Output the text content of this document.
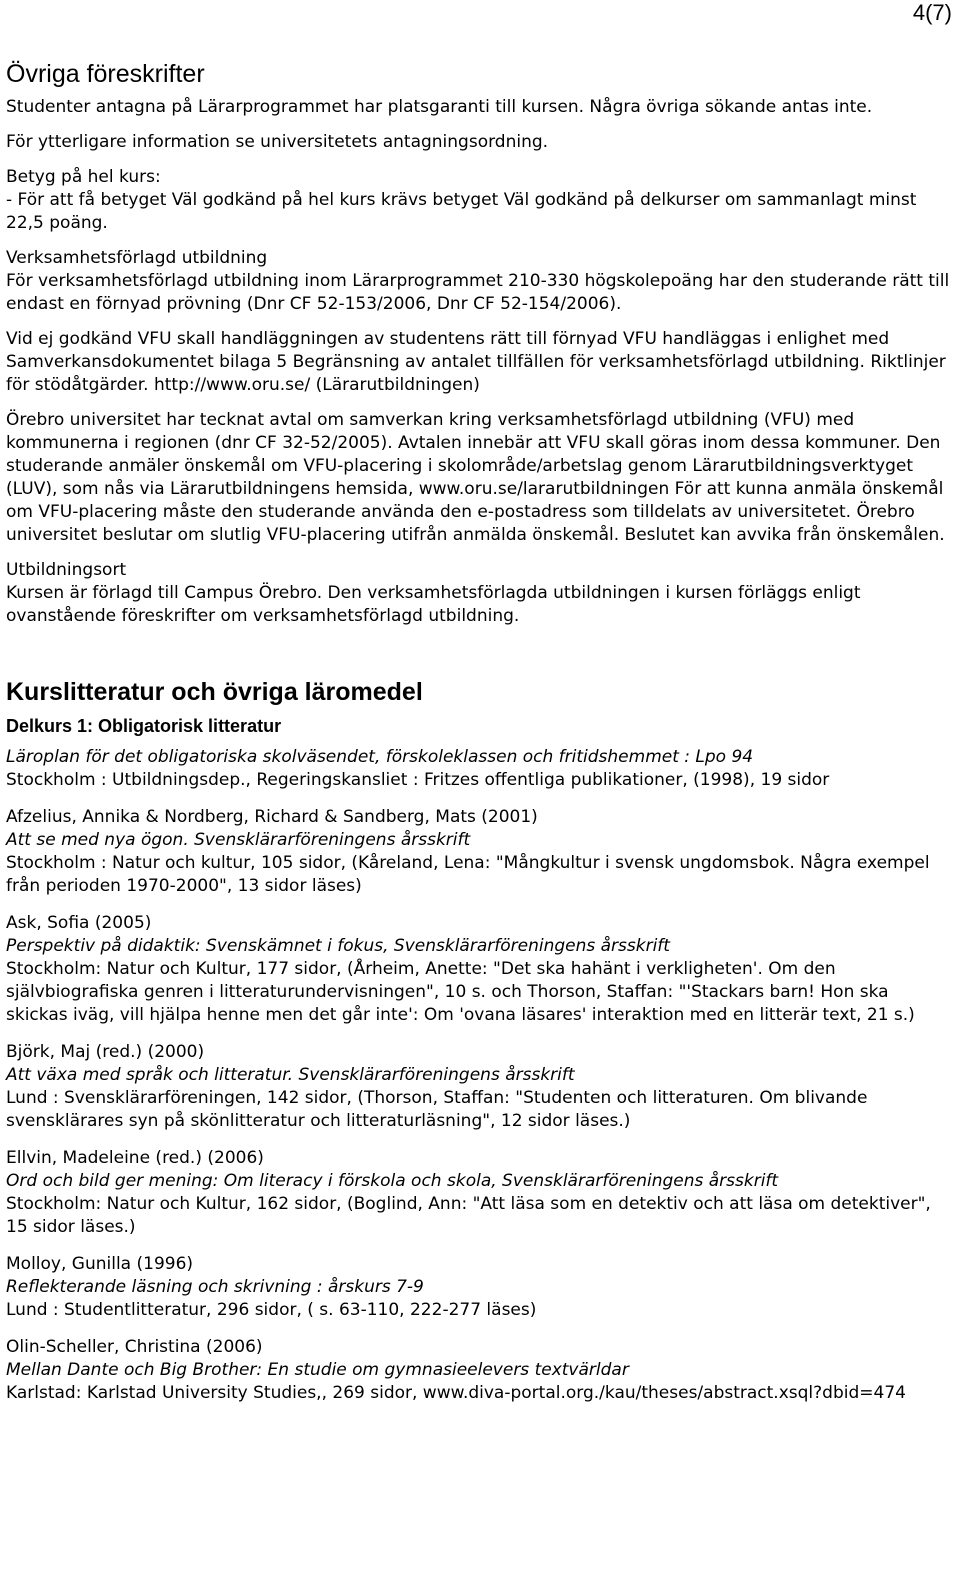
4(7)
Övriga föreskrifter

Studenter antagna på Lärarprogrammet har platsgaranti till kursen. Några övriga sökande antas inte.

För ytterligare information se universitetets antagningsordning.

Betyg på hel kurs:
- För att få betyget Väl godkänd på hel kurs krävs betyget Väl godkänd på delkurser om sammanlagt minst 22,5 poäng.

Verksamhetsförlagd utbildning
För verksamhetsförlagd utbildning inom Lärarprogrammet 210-330 högskolepoäng har den studerande rätt till endast en förnyad prövning (Dnr CF 52-153/2006, Dnr CF 52-154/2006).

Vid ej godkänd VFU skall handläggningen av studentens rätt till förnyad VFU handläggas i enlighet med Samverkansdokumentet bilaga 5 Begränsning av antalet tillfällen för verksamhetsförlagd utbildning. Riktlinjer för stödåtgärder. http://www.oru.se/ (Lärarutbildningen)

Örebro universitet har tecknat avtal om samverkan kring verksamhetsförlagd utbildning (VFU) med kommunerna i regionen (dnr CF 32-52/2005). Avtalen innebär att VFU skall göras inom dessa kommuner. Den studerande anmäler önskemål om VFU-placering i skolområde/arbetslag genom Lärarutbildningsverktyget (LUV), som nås via Lärarutbildningens hemsida, www.oru.se/lararutbildningen För att kunna anmäla önskemål om VFU-placering måste den studerande använda den e-postadress som tilldelats av universitetet. Örebro universitet beslutar om slutlig VFU-placering utifrån anmälda önskemål. Beslutet kan avvika från önskemålen.

Utbildningsort
Kursen är förlagd till Campus Örebro. Den verksamhetsförlagda utbildningen i kursen förläggs enligt ovanstående föreskrifter om verksamhetsförlagd utbildning.

Kurslitteratur och övriga läromedel
Delkurs 1: Obligatorisk litteratur
Läroplan för det obligatoriska skolväsendet, förskoleklassen och fritidshemmet : Lpo 94
Stockholm : Utbildningsdep., Regeringskansliet : Fritzes offentliga publikationer, (1998), 19 sidor
Afzelius, Annika & Nordberg, Richard & Sandberg, Mats (2001)
Att se med nya ögon. Svensklärarföreningens årsskrift
Stockholm : Natur och kultur, 105 sidor, (Kåreland, Lena: "Mångkultur i svensk ungdomsbok. Några exempel från perioden 1970-2000", 13 sidor läses)
Ask, Sofia (2005)
Perspektiv på didaktik: Svenskämnet i fokus, Svensklärarföreningens årsskrift
Stockholm: Natur och Kultur, 177 sidor, (Årheim, Anette: "Det ska hahänt i verkligheten'. Om den självbiografiska genren i litteraturundervisningen", 10 s. och Thorson, Staffan: "'Stackars barn! Hon ska skickas iväg, vill hjälpa henne men det går inte': Om 'ovana läsares' interaktion med en litterär text, 21 s.)
Björk, Maj (red.) (2000)
Att växa med språk och litteratur. Svensklärarföreningens årsskrift
Lund : Svensklärarföreningen, 142 sidor, (Thorson, Staffan: "Studenten och litteraturen. Om blivande svensklärares syn på skönlitteratur och litteraturläsning", 12 sidor läses.)
Ellvin, Madeleine (red.) (2006)
Ord och bild ger mening: Om literacy i förskola och skola, Svensklärarföreningens årsskrift
Stockholm: Natur och Kultur, 162 sidor, (Boglind, Ann: "Att läsa som en detektiv och att läsa om detektiver", 15 sidor läses.)
Molloy, Gunilla (1996)
Reflekterande läsning och skrivning : årskurs 7-9
Lund : Studentlitteratur, 296 sidor, ( s. 63-110, 222-277 läses)
Olin-Scheller, Christina (2006)
Mellan Dante och Big Brother: En studie om gymnasieelevers textvärldar
Karlstad: Karlstad University Studies,, 269 sidor, www.diva-portal.org./kau/theses/abstract.xsql?dbid=474
